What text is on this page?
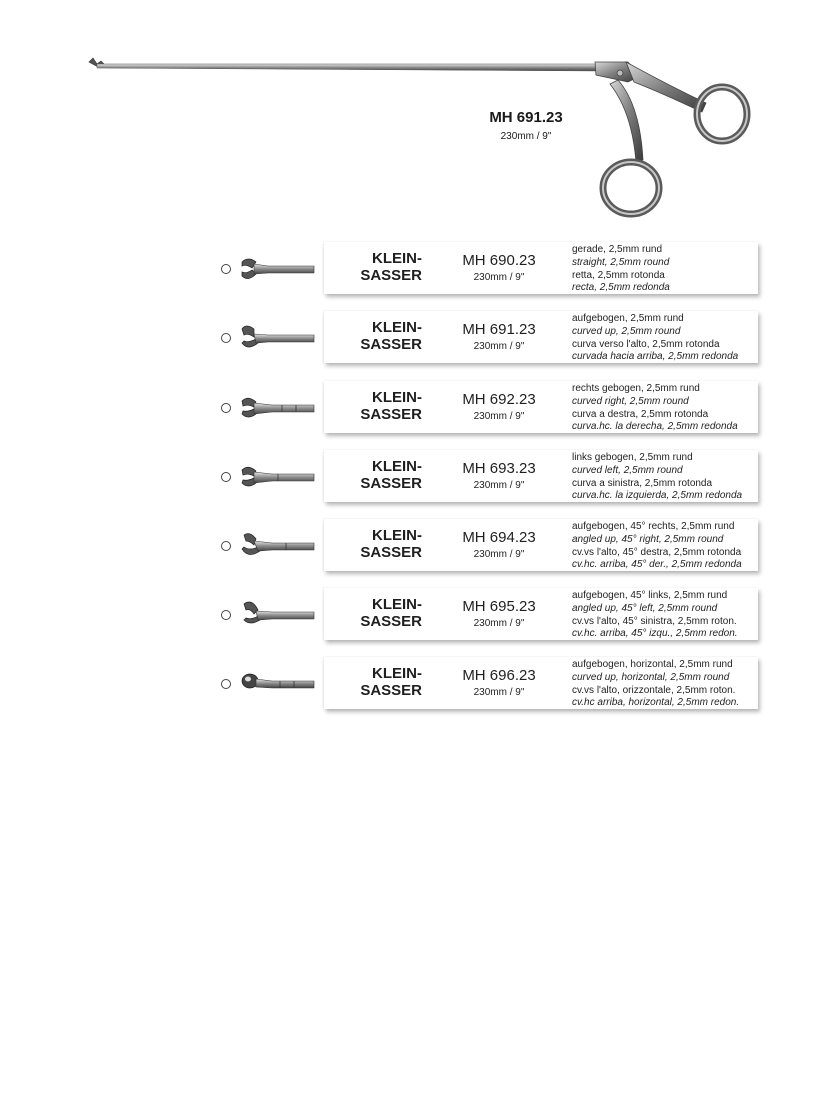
MH 691.23
230mm / 9"
KLEIN-
SASSER
MH 690.23
230mm / 9"
gerade, 2,5mm rund
straight, 2,5mm round
retta, 2,5mm rotonda
recta, 2,5mm redonda
KLEIN-
SASSER
MH 691.23
230mm / 9"
aufgebogen, 2,5mm rund
curved up, 2,5mm round
curva verso l'alto, 2,5mm rotonda
curvada hacia arriba, 2,5mm redonda
KLEIN-
SASSER
MH 692.23
230mm / 9"
rechts gebogen, 2,5mm rund
curved right, 2,5mm round
curva a destra, 2,5mm rotonda
curva.hc. la derecha, 2,5mm redonda
KLEIN-
SASSER
MH 693.23
230mm / 9"
links gebogen, 2,5mm rund
curved left, 2,5mm round
curva a sinistra, 2,5mm rotonda
curva.hc. la izquierda, 2,5mm redonda
KLEIN-
SASSER
MH 694.23
230mm / 9"
aufgebogen, 45° rechts, 2,5mm rund
angled up, 45° right, 2,5mm round
cv.vs l'alto, 45° destra, 2,5mm rotonda
cv.hc. arriba, 45° der., 2,5mm redonda
KLEIN-
SASSER
MH 695.23
230mm / 9"
aufgebogen, 45° links, 2,5mm rund
angled up, 45° left, 2,5mm round
cv.vs l'alto, 45° sinistra, 2,5mm roton.
cv.hc. arriba, 45° izqu., 2,5mm redon.
KLEIN-
SASSER
MH 696.23
230mm / 9"
aufgebogen, horizontal, 2,5mm rund
curved up, horizontal, 2,5mm round
cv.vs l'alto, orizzontale, 2,5mm roton.
cv.hc arriba, horizontal, 2,5mm redon.
